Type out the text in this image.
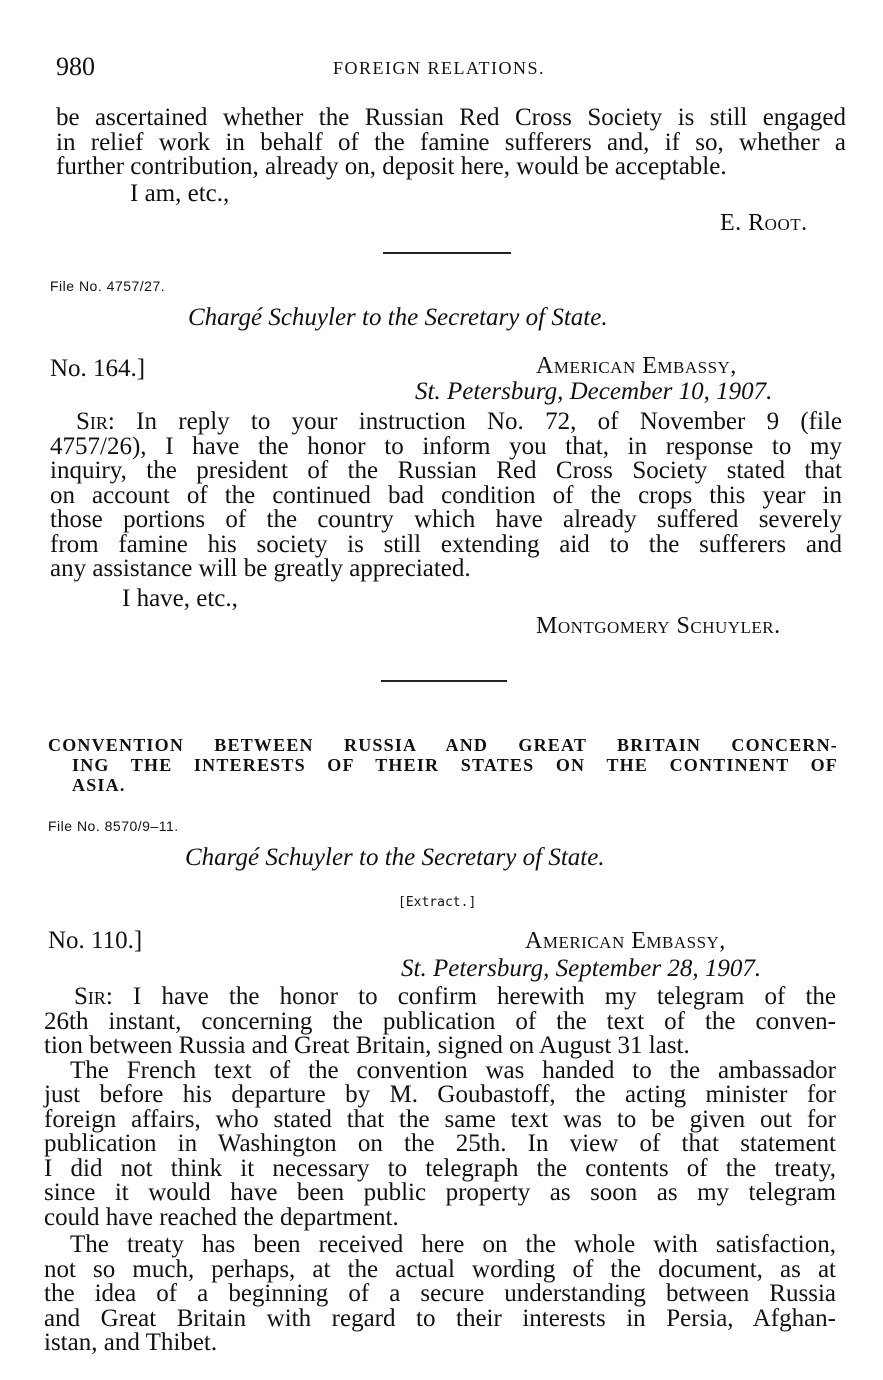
980	FOREIGN RELATIONS.
be ascertained whether the Russian Red Cross Society is still engaged
in relief work in behalf of the famine sufferers and, if so, whether a
further contribution, already on, deposit here, would be acceptable.
I am, etc.,
E. Root.
File No. 4757/27.
Chargé Schuyler to the Secretary of State.
No. 164.]	American Embassy,
St. Petersburg, December 10, 1907.
Sir: In reply to your instruction No. 72, of November 9 (file
4757/26), I have the honor to inform you that, in response to my
inquiry, the president of the Russian Red Cross Society stated that
on account of the continued bad condition of the crops this year in
those portions of the country which have already suffered severely
from famine his society is still extending aid to the sufferers and
any assistance will be greatly appreciated.
I have, etc.,
Montgomery Schuyler.
CONVENTION BETWEEN RUSSIA AND GREAT BRITAIN CONCERN-
ING THE INTERESTS OF THEIR STATES ON THE CONTINENT OF
ASIA.
File No. 8570/9–11.
Chargé Schuyler to the Secretary of State.
[Extract.]
No. 110.]	American Embassy,
St. Petersburg, September 28, 1907.
Sir: I have the honor to confirm herewith my telegram of the
26th instant, concerning the publication of the text of the conven-
tion between Russia and Great Britain, signed on August 31 last.
The French text of the convention was handed to the ambassador
just before his departure by M. Goubastoff, the acting minister for
foreign affairs, who stated that the same text was to be given out for
publication in Washington on the 25th. In view of that statement
I did not think it necessary to telegraph the contents of the treaty,
since it would have been public property as soon as my telegram
could have reached the department.
The treaty has been received here on the whole with satisfaction,
not so much, perhaps, at the actual wording of the document, as at
the idea of a beginning of a secure understanding between Russia
and Great Britain with regard to their interests in Persia, Afghan-
istan, and Thibet.
